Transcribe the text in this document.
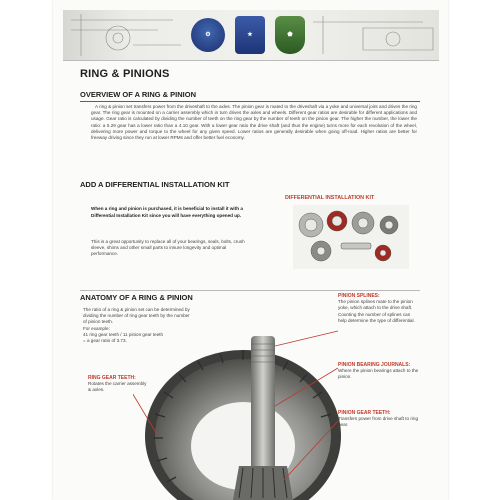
⚙	★	⬟
RING & PINIONS
OVERVIEW OF A RING & PINION
A ring & pinion set transfers power from the driveshaft to the axles. The pinion gear is mated to the driveshaft via a yoke and universal joint and drives the ring gear. The ring gear is mounted on a carrier assembly which in turn drives the axles and wheels. Different gear ratios are desirable for different applications and usage. Gear ratio is calculated by dividing the number of teeth on the ring gear by the number of teeth on the pinion gear. The higher the number, the lower the ratio: a 5.29 gear has a lower ratio than a 4.10 gear. With a lower gear ratio the drive shaft (and thus the engine) turns more for each revolution of the wheel, delivering more power and torque to the wheel for any given speed. Lower ratios are generally desirable when going off-road. Higher ratios are better for freeway driving since they run at lower RPMs and offer better fuel economy.
ADD A DIFFERENTIAL INSTALLATION KIT
When a ring and pinion is purchased, it is beneficial to install it with a Differential Installation Kit since you will have everything opened up.
This is a great opportunity to replace all of your bearings, seals, bolts, crush sleeve, shims and other small parts to insure longevity and optimal performance.
DIFFERENTIAL INSTALLATION KIT
ANATOMY OF A RING & PINION
The ratio of a ring & pinion set can be determined by dividing the number of ring gear teeth by the number of pinion teeth.
For example:
41 ring gear teeth / 11 pinion gear teeth
= a gear ratio of 3.73.
PINION SPLINES:
The pinion splines mate to the pinion yoke, which attach to the drive shaft. Counting the number of splines can help determine the type of differential.
PINION BEARING JOURNALS:
Where the pinion bearings attach to the pinion.
PINION GEAR TEETH:
Transfers power from drive shaft to ring gear.
RING GEAR TEETH:
Rotates the carrier assembly & axles.
